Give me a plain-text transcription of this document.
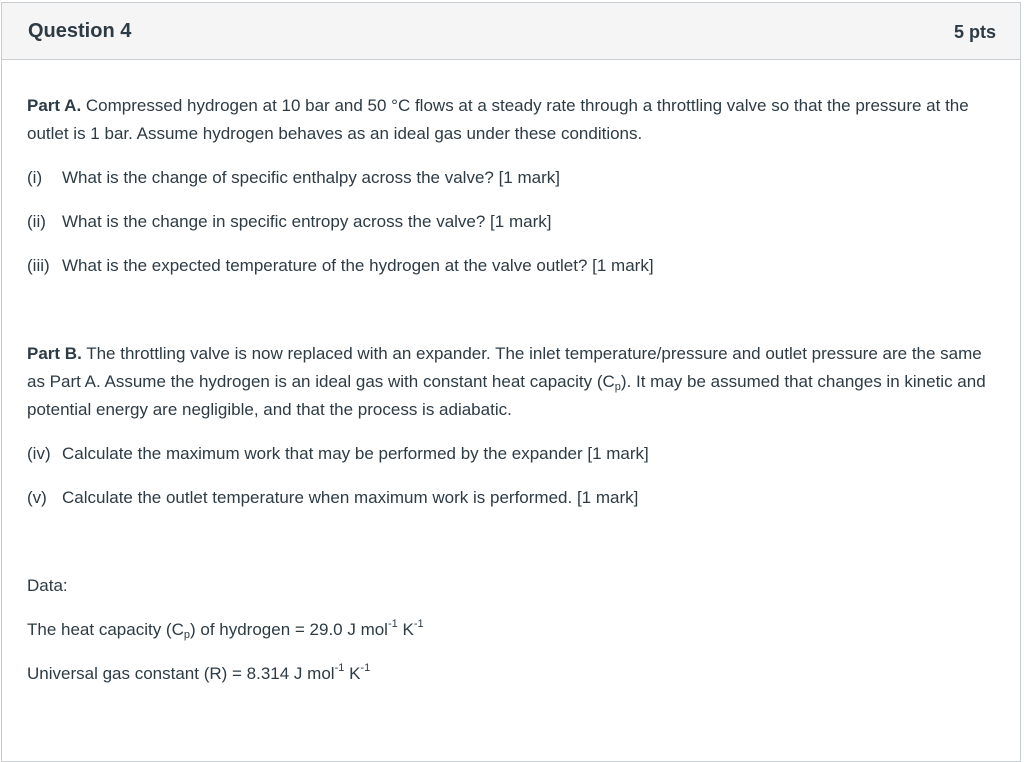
Question 4	5 pts

Part A. Compressed hydrogen at 10 bar and 50 °C flows at a steady rate through a throttling valve so that the pressure at the outlet is 1 bar. Assume hydrogen behaves as an ideal gas under these conditions.

(i) What is the change of specific enthalpy across the valve? [1 mark]

(ii) What is the change in specific entropy across the valve? [1 mark]

(iii) What is the expected temperature of the hydrogen at the valve outlet? [1 mark]

Part B. The throttling valve is now replaced with an expander. The inlet temperature/pressure and outlet pressure are the same as Part A. Assume the hydrogen is an ideal gas with constant heat capacity $(C_p)$. It may be assumed that changes in kinetic and potential energy are negligible, and that the process is adiabatic.

(iv) Calculate the maximum work that may be performed by the expander [1 mark]

(v) Calculate the outlet temperature when maximum work is performed. [1 mark]

Data:

The heat capacity $(C_p)$ of hydrogen = 29.0 J mol$^{-1}$ $K^{-1}$

Universal gas constant (R) = 8.314 J mol$^{-1}$ $K^{-1}$
